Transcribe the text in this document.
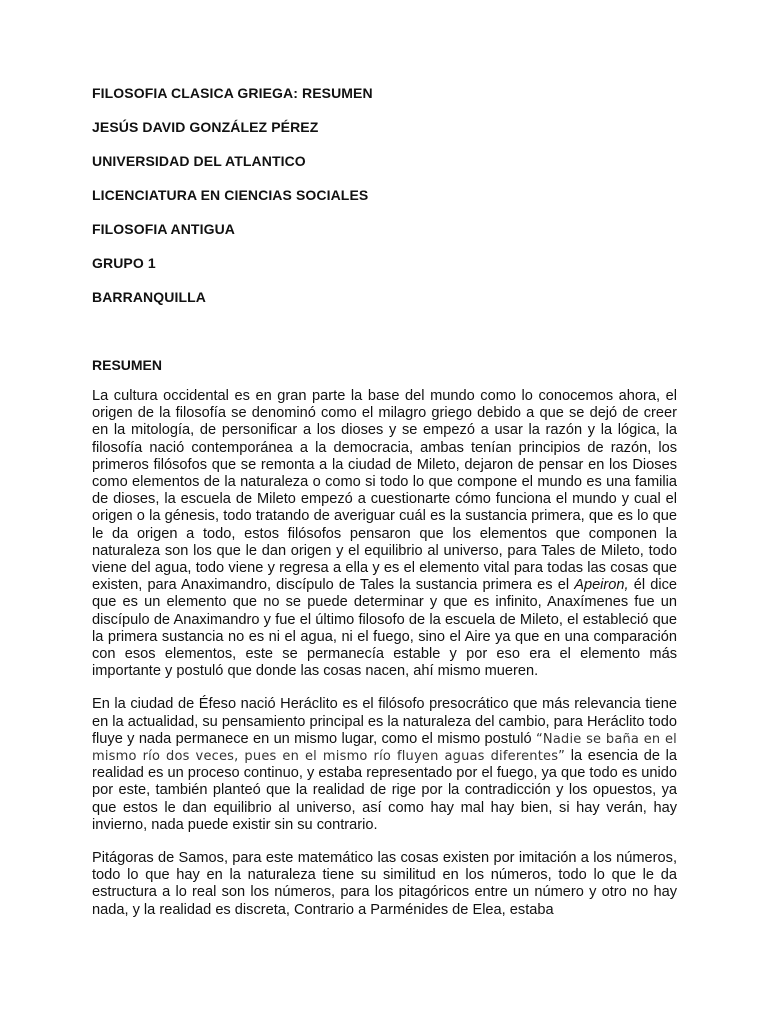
FILOSOFIA CLASICA GRIEGA: RESUMEN
JESÚS DAVID GONZÁLEZ PÉREZ
UNIVERSIDAD DEL ATLANTICO
LICENCIATURA EN CIENCIAS SOCIALES
FILOSOFIA ANTIGUA
GRUPO 1
BARRANQUILLA
RESUMEN

La cultura occidental es en gran parte la base del mundo como lo conocemos ahora, el origen de la filosofía se denominó como el milagro griego debido a que se dejó de creer en la mitología, de personificar a los dioses y se empezó a usar la razón y la lógica, la filosofía nació contemporánea a la democracia, ambas tenían principios de razón, los primeros filósofos que se remonta a la ciudad de Mileto, dejaron de pensar en los Dioses como elementos de la naturaleza o como si todo lo que compone el mundo es una familia de dioses, la escuela de Mileto empezó a cuestionarte cómo funciona el mundo y cual el origen o la génesis, todo tratando de averiguar cuál es la sustancia primera, que es lo que le da origen a todo, estos filósofos pensaron que los elementos que componen la naturaleza son los que le dan origen y el equilibrio al universo, para Tales de Mileto, todo viene del agua, todo viene y regresa a ella y es el elemento vital para todas las cosas que existen, para Anaximandro, discípulo de Tales la sustancia primera es el Apeiron, él dice que es un elemento que no se puede determinar y que es infinito, Anaxímenes fue un discípulo de Anaximandro y fue el último filosofo de la escuela de Mileto, el estableció que la primera sustancia no es ni el agua, ni el fuego, sino el Aire ya que en una comparación con esos elementos, este se permanecía estable y por eso era el elemento más importante y postuló que donde las cosas nacen, ahí mismo mueren.

En la ciudad de Éfeso nació Heráclito es el filósofo presocrático que más relevancia tiene en la actualidad, su pensamiento principal es la naturaleza del cambio, para Heráclito todo fluye y nada permanece en un mismo lugar, como el mismo postuló “Nadie se baña en el mismo río dos veces, pues en el mismo río fluyen aguas diferentes” la esencia de la realidad es un proceso continuo, y estaba representado por el fuego, ya que todo es unido por este, también planteó que la realidad de rige por la contradicción y los opuestos, ya que estos le dan equilibrio al universo, así como hay mal hay bien, si hay verán, hay invierno, nada puede existir sin su contrario.

Pitágoras de Samos, para este matemático las cosas existen por imitación a los números, todo lo que hay en la naturaleza tiene su similitud en los números, todo lo que le da estructura a lo real son los números, para los pitagóricos entre un número y otro no hay nada, y la realidad es discreta, Contrario a Parménides de Elea, estaba
